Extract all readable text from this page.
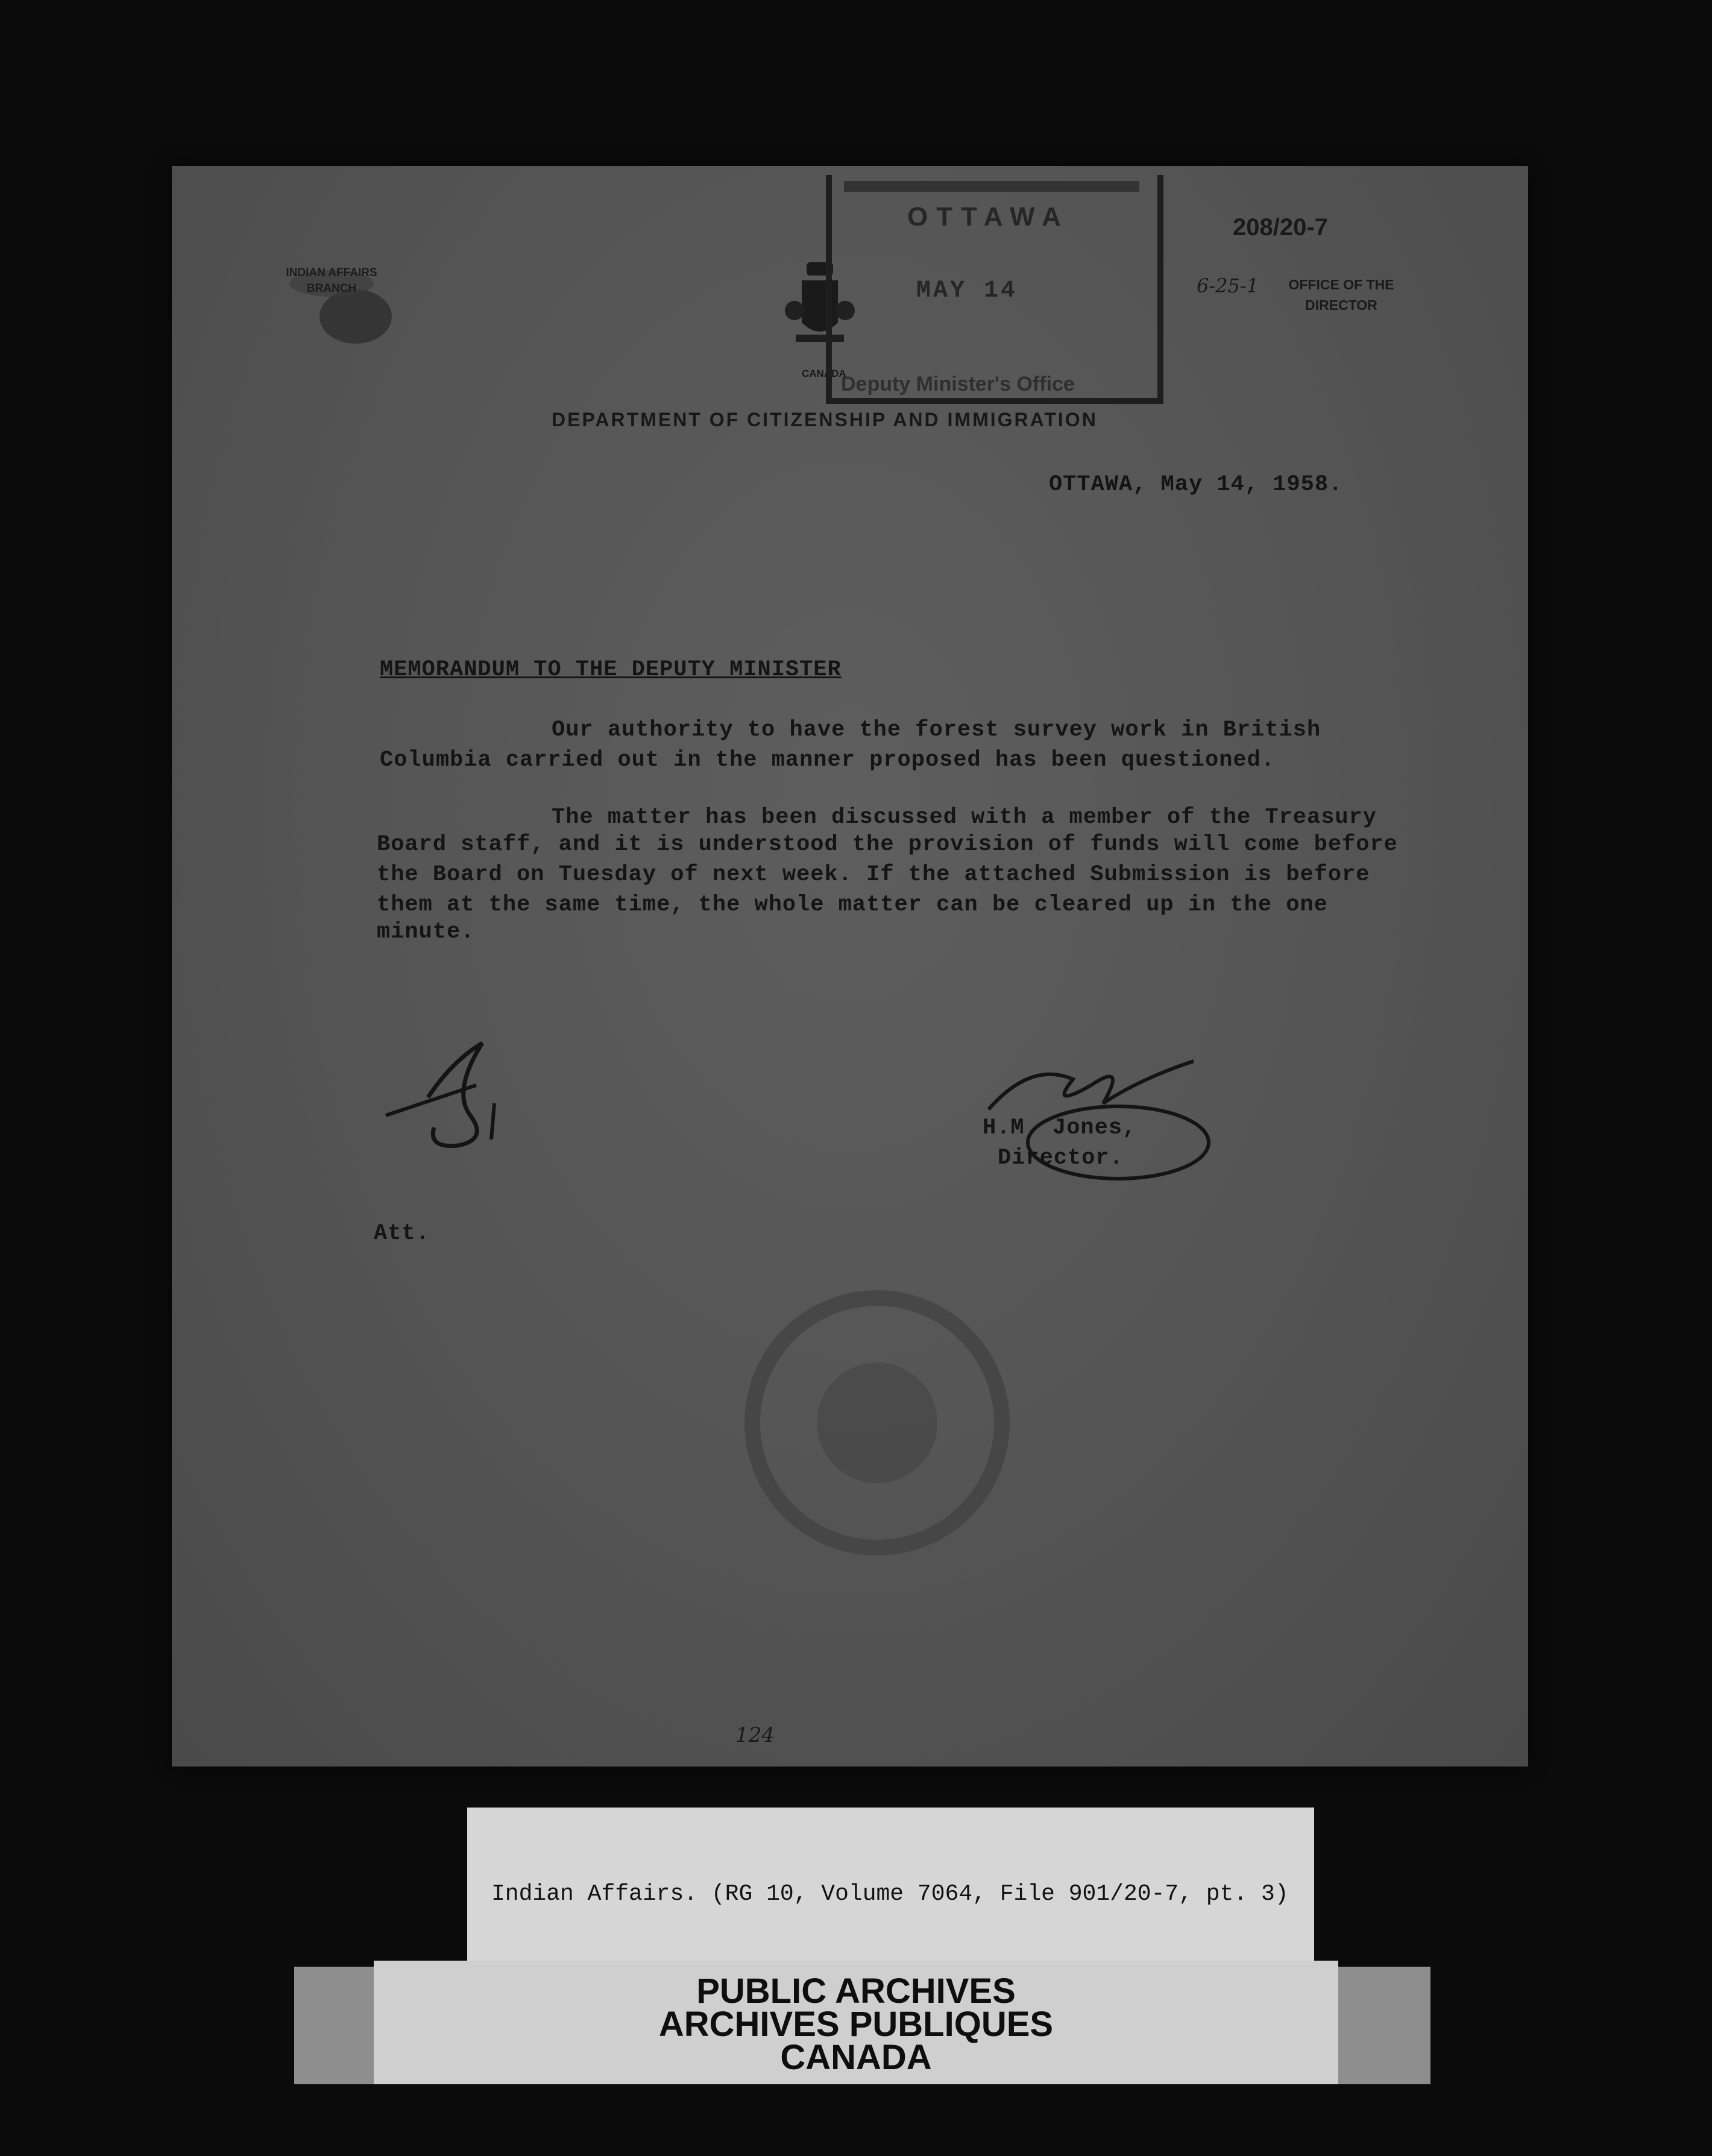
INDIAN AFFAIRS BRANCH
CANADA
OTTAWA
MAY 14
Deputy Minister's Office
208/20-7
6-25-1	OFFICE OF THE DIRECTOR
DEPARTMENT OF CITIZENSHIP AND IMMIGRATION
OTTAWA, May 14, 1958.
MEMORANDUM TO THE DEPUTY MINISTER
Our authority to have the forest survey work in British
Columbia carried out in the manner proposed has been questioned.
The matter has been discussed with a member of the Treasury
Board staff, and it is understood the provision of funds will come before
the Board on Tuesday of next week. If the attached Submission is before
them at the same time, the whole matter can be cleared up in the one
minute.
H.M. Jones,
Director.
Att.
124
Indian Affairs. (RG 10, Volume 7064, File 901/20-7, pt. 3)
PUBLIC ARCHIVES
ARCHIVES PUBLIQUES
CANADA
